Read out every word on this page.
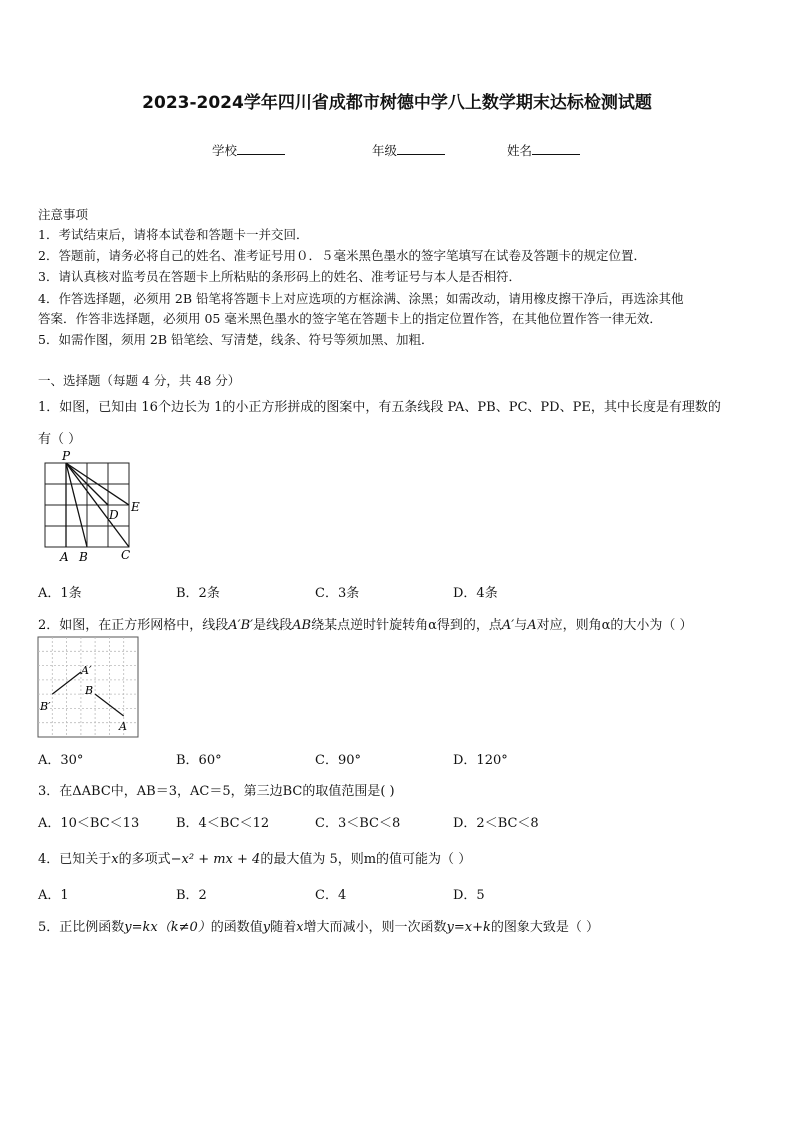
2023-2024学年四川省成都市树德中学八上数学期末达标检测试题
学校	年级	姓名
注意事项
1．考试结束后，请将本试卷和答题卡一并交回．
2．答题前，请务必将自己的姓名、准考证号用０．５毫米黑色墨水的签字笔填写在试卷及答题卡的规定位置．
3．请认真核对监考员在答题卡上所粘贴的条形码上的姓名、准考证号与本人是否相符．
4．作答选择题，必须用 2B 铅笔将答题卡上对应选项的方框涂满、涂黑；如需改动，请用橡皮擦干净后，再选涂其他
答案．作答非选择题，必须用 05 毫米黑色墨水的签字笔在答题卡上的指定位置作答，在其他位置作答一律无效．
5．如需作图，须用 2B 铅笔绘、写清楚，线条、符号等须加黑、加粗．
一、选择题（每题 4 分，共 48 分）
1．如图，已知由 16个边长为 1的小正方形拼成的图案中，有五条线段 PA、PB、PC、PD、PE，其中长度是有理数的
有（ ）
P
A B	C
D
E
A．1条	B．2条	C．3条	D．4条
2．如图，在正方形网格中，线段A′B′是线段AB绕某点逆时针旋转角α得到的，点A′与A对应，则角α的大小为（ ）
A′
B
B′
A
A．30°	B．60°	C．90°	D．120°
3．在ΔABC中，AB＝3，AC＝5，第三边BC的取值范围是( )
A．10＜BC＜13	B．4＜BC＜12	C．3＜BC＜8	D．2＜BC＜8
4．已知关于x的多项式−x² + mx + 4的最大值为 5，则m的值可能为（ ）
A．1	B．2	C．4	D．5
5．正比例函数y=kx（k≠0）的函数值y随着x增大而减小，则一次函数y=x+k的图象大致是（ ）
